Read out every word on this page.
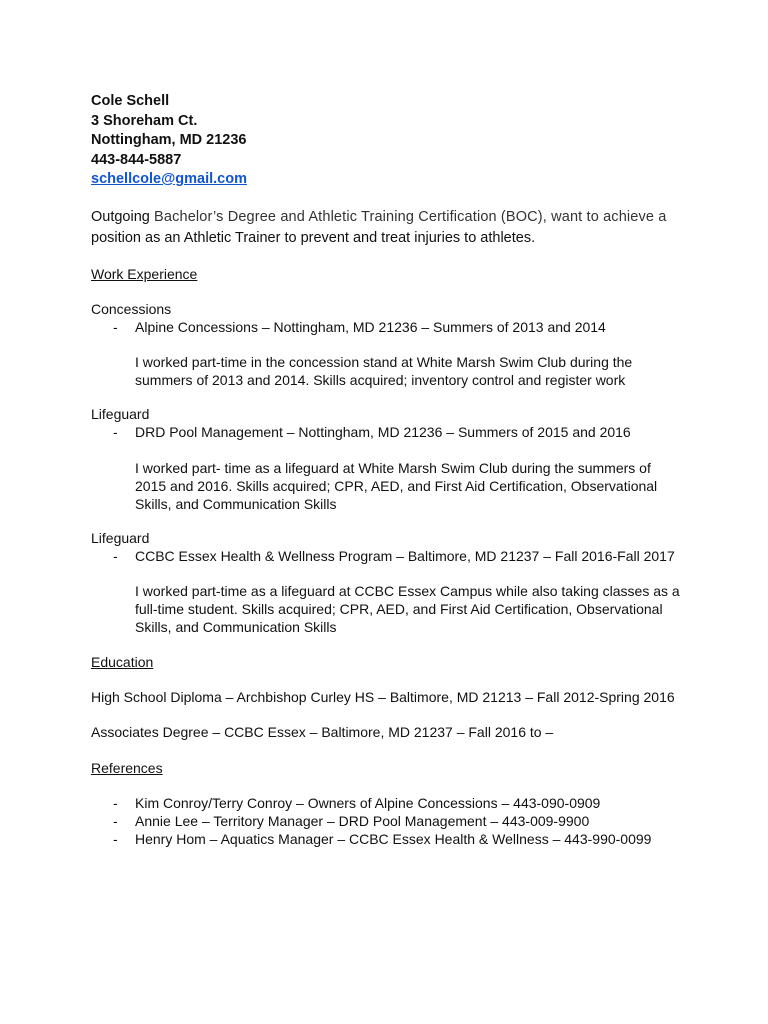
Cole Schell
3 Shoreham Ct.
Nottingham, MD 21236
443-844-5887
schellcole@gmail.com
Outgoing Bachelor’s Degree and Athletic Training Certification (BOC), want to achieve a
position as an Athletic Trainer to prevent and treat injuries to athletes.
Work Experience
Concessions
- Alpine Concessions – Nottingham, MD 21236 – Summers of 2013 and 2014
I worked part-time in the concession stand at White Marsh Swim Club during the
summers of 2013 and 2014. Skills acquired; inventory control and register work
Lifeguard
- DRD Pool Management – Nottingham, MD 21236 – Summers of 2015 and 2016
I worked part- time as a lifeguard at White Marsh Swim Club during the summers of
2015 and 2016. Skills acquired; CPR, AED, and First Aid Certification, Observational
Skills, and Communication Skills
Lifeguard
- CCBC Essex Health & Wellness Program – Baltimore, MD 21237 – Fall 2016-Fall 2017
I worked part-time as a lifeguard at CCBC Essex Campus while also taking classes as a
full-time student. Skills acquired; CPR, AED, and First Aid Certification, Observational
Skills, and Communication Skills
Education
High School Diploma – Archbishop Curley HS – Baltimore, MD 21213 – Fall 2012-Spring 2016
Associates Degree – CCBC Essex – Baltimore, MD 21237 – Fall 2016 to –
References
- Kim Conroy/Terry Conroy – Owners of Alpine Concessions – 443-090-0909
- Annie Lee – Territory Manager – DRD Pool Management – 443-009-9900
- Henry Hom – Aquatics Manager – CCBC Essex Health & Wellness – 443-990-0099
